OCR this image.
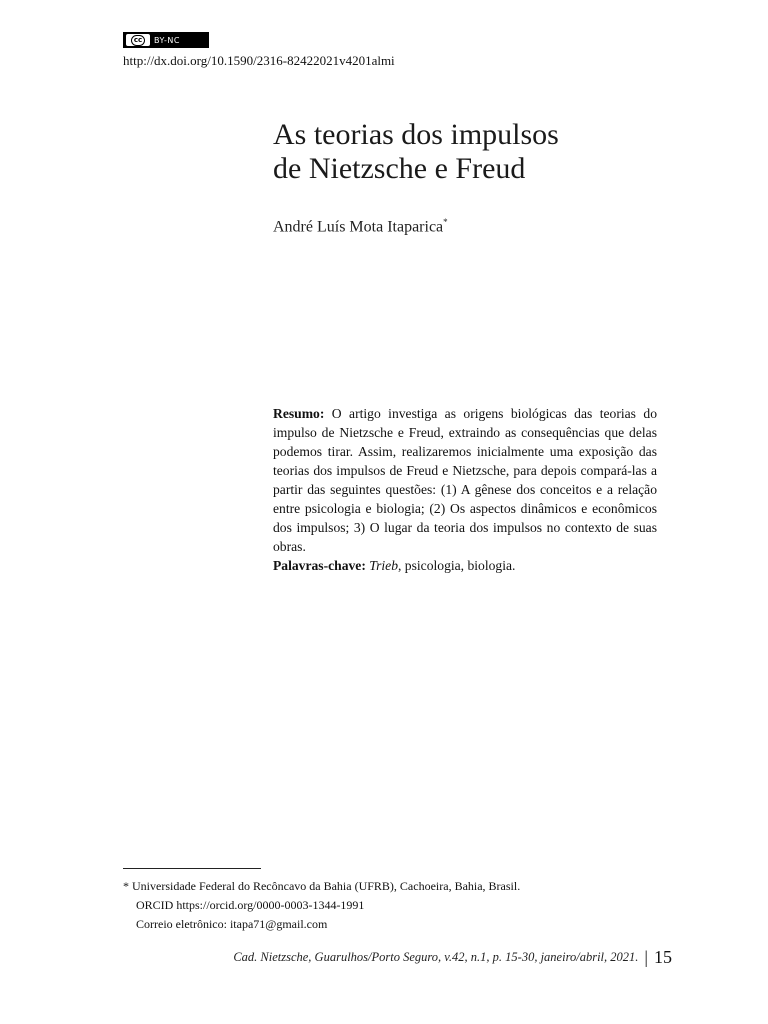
cc	BY-NC
http://dx.doi.org/10.1590/2316-82422021v4201almi
As teorias dos impulsos
de Nietzsche e Freud
André Luís Mota Itaparica*

Resumo: O artigo investiga as origens biológicas das teorias do impulso de Nietzsche e Freud, extraindo as consequências que delas podemos tirar. Assim, realizaremos inicialmente uma exposição das teorias dos impulsos de Freud e Nietzsche, para depois compará-las a partir das seguintes questões: (1) A gênese dos conceitos e a relação entre psicologia e biologia; (2) Os aspectos dinâmicos e econômicos dos impulsos; 3) O lugar da teoria dos impulsos no contexto de suas obras.

Palavras-chave: Trieb, psicologia, biologia.

* Universidade Federal do Recôncavo da Bahia (UFRB), Cachoeira, Bahia, Brasil.
ORCID https://orcid.org/0000-0003-1344-1991
Correio eletrônico: itapa71@gmail.com
Cad. Nietzsche, Guarulhos/Porto Seguro, v.42, n.1, p. 15-30, janeiro/abril, 2021. | 15
